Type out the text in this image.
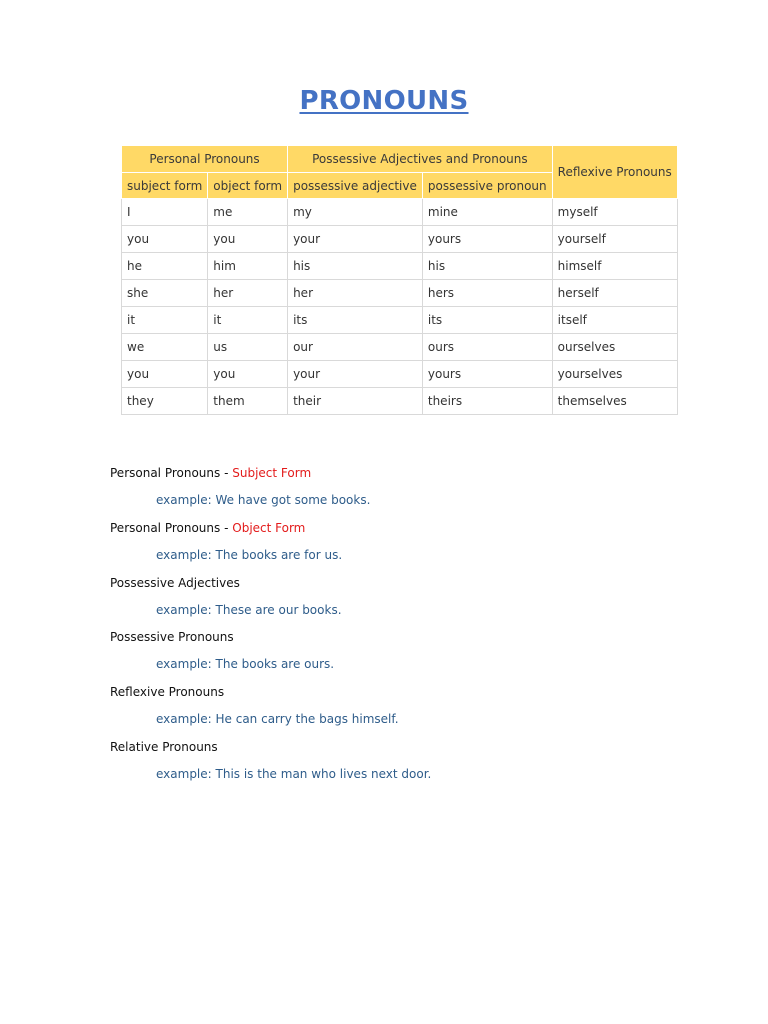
PRONOUNS
Personal Pronouns		Possessive Adjectives and Pronouns		Reflexive Pronouns
subject form	object form	possessive adjective	possessive pronoun	
I	me	my	mine	myself
you	you	your	yours	yourself
he	him	his	his	himself
she	her	her	hers	herself
it	it	its	its	itself
we	us	our	ours	ourselves
you	you	your	yours	yourselves
they	them	their	theirs	themselves
Personal Pronouns - Subject Form
example: We have got some books.
Personal Pronouns - Object Form
example: The books are for us.
Possessive Adjectives
example: These are our books.
Possessive Pronouns
example: The books are ours.
Reflexive Pronouns
example: He can carry the bags himself.
Relative Pronouns
example: This is the man who lives next door.
